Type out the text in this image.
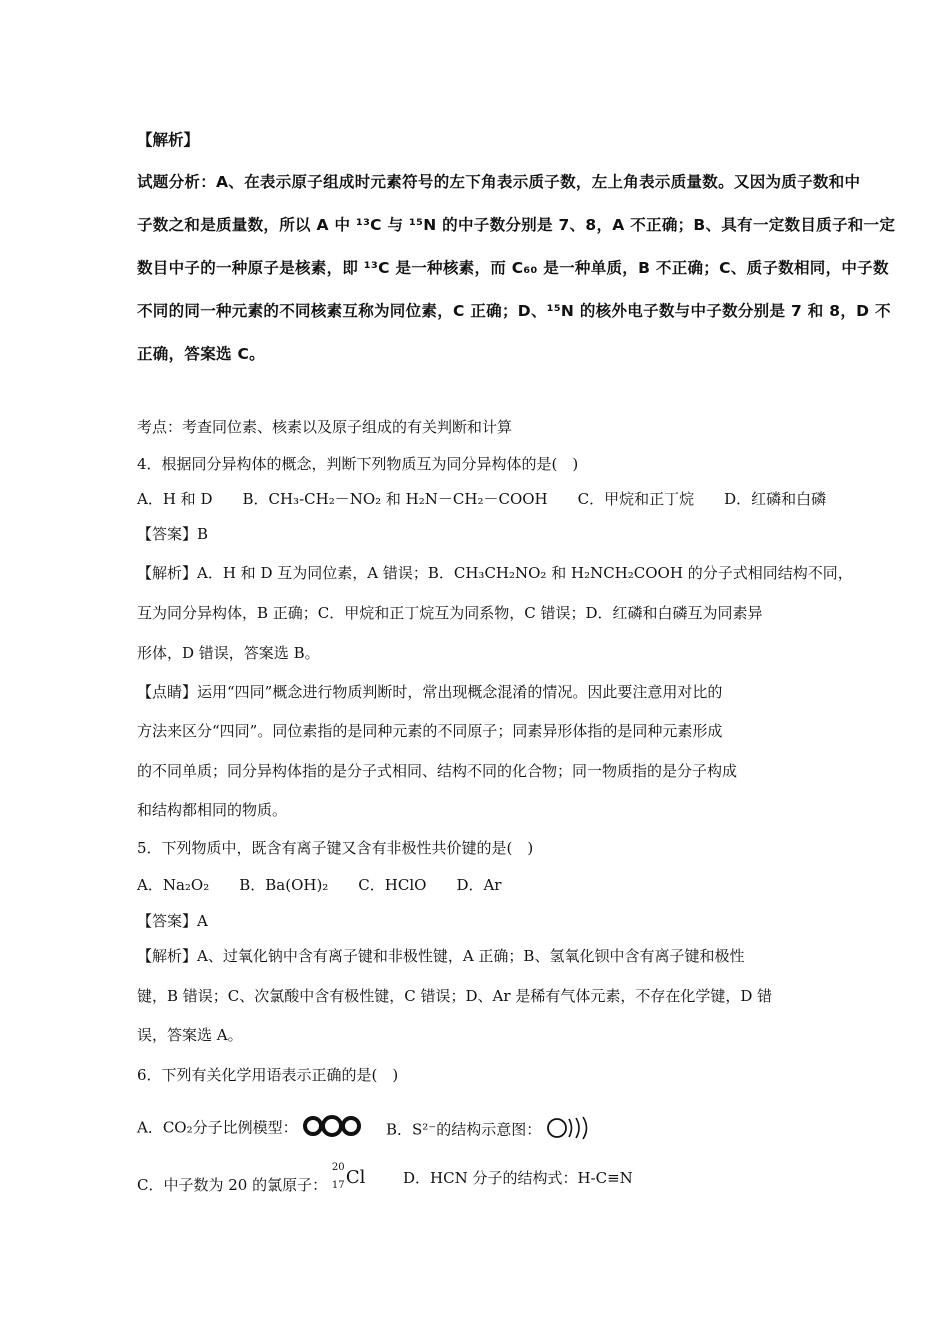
【解析】
试题分析：A、在表示原子组成时元素符号的左下角表示质子数，左上角表示质量数。又因为质子数和中
子数之和是质量数，所以 A 中 ¹³C 与 ¹⁵N 的中子数分别是 7、8，A 不正确；B、具有一定数目质子和一定
数目中子的一种原子是核素，即 ¹³C 是一种核素，而 C₆₀ 是一种单质，B 不正确；C、质子数相同，中子数
不同的同一种元素的不同核素互称为同位素，C 正确；D、¹⁵N 的核外电子数与中子数分别是 7 和 8，D 不
正确，答案选 C。
考点：考查同位素、核素以及原子组成的有关判断和计算
4．根据同分异构体的概念，判断下列物质互为同分异构体的是(　)
A．H 和 D　　B．CH₃-CH₂－NO₂ 和 H₂N－CH₂－COOH　　C．甲烷和正丁烷　　D．红磷和白磷
【答案】B
【解析】A．H 和 D 互为同位素，A 错误；B．CH₃CH₂NO₂ 和 H₂NCH₂COOH 的分子式相同结构不同，
互为同分异构体，B 正确；C．甲烷和正丁烷互为同系物，C 错误；D．红磷和白磷互为同素异
形体，D 错误，答案选 B。
【点睛】运用“四同”概念进行物质判断时，常出现概念混淆的情况。因此要注意用对比的
方法来区分“四同”。同位素指的是同种元素的不同原子；同素异形体指的是同种元素形成
的不同单质；同分异构体指的是分子式相同、结构不同的化合物；同一物质指的是分子构成
和结构都相同的物质。
5．下列物质中，既含有离子键又含有非极性共价键的是(　)
A．Na₂O₂　　B．Ba(OH)₂　　C．HClO　　D．Ar
【答案】A
【解析】A、过氧化钠中含有离子键和非极性键，A 正确；B、氢氧化钡中含有离子键和极性
键，B 错误；C、次氯酸中含有极性键，C 错误；D、Ar 是稀有气体元素，不存在化学键，D 错
误，答案选 A。
6．下列有关化学用语表示正确的是(　)
A．CO₂分子比例模型：	B．S²⁻的结构示意图：
C．中子数为 20 的氯原子：
20
17 Cl	D．HCN 分子的结构式：H-C≡N
